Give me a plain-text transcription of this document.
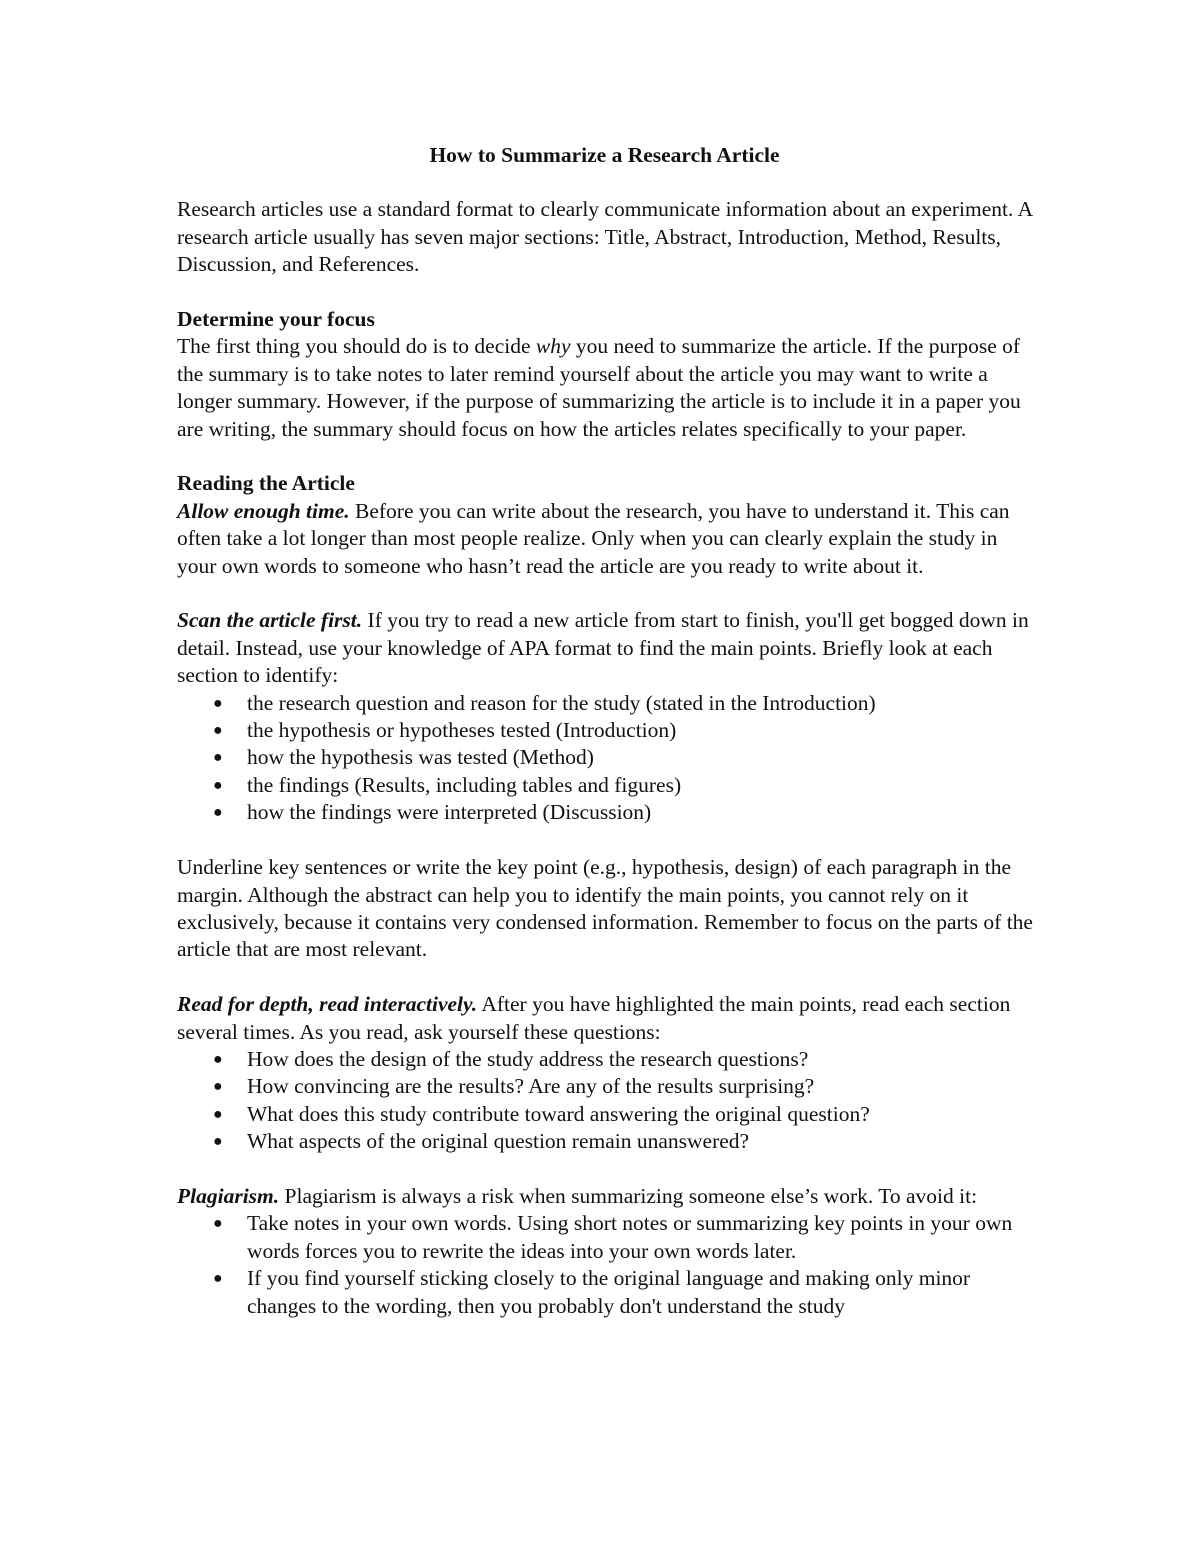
How to Summarize a Research Article

Research articles use a standard format to clearly communicate information about an experiment. A research article usually has seven major sections: Title, Abstract, Introduction, Method, Results, Discussion, and References.

Determine your focus
The first thing you should do is to decide why you need to summarize the article. If the purpose of the summary is to take notes to later remind yourself about the article you may want to write a longer summary. However, if the purpose of summarizing the article is to include it in a paper you are writing, the summary should focus on how the articles relates specifically to your paper.

Reading the Article
Allow enough time. Before you can write about the research, you have to understand it. This can often take a lot longer than most people realize. Only when you can clearly explain the study in your own words to someone who hasn’t read the article are you ready to write about it.

Scan the article first. If you try to read a new article from start to finish, you'll get bogged down in detail. Instead, use your knowledge of APA format to find the main points. Briefly look at each section to identify:

● the research question and reason for the study (stated in the Introduction)
● the hypothesis or hypotheses tested (Introduction)
● how the hypothesis was tested (Method)
● the findings (Results, including tables and figures)
● how the findings were interpreted (Discussion)

Underline key sentences or write the key point (e.g., hypothesis, design) of each paragraph in the margin. Although the abstract can help you to identify the main points, you cannot rely on it exclusively, because it contains very condensed information. Remember to focus on the parts of the article that are most relevant.

Read for depth, read interactively. After you have highlighted the main points, read each section several times. As you read, ask yourself these questions:

● How does the design of the study address the research questions?
● How convincing are the results? Are any of the results surprising?
● What does this study contribute toward answering the original question?
● What aspects of the original question remain unanswered?

Plagiarism. Plagiarism is always a risk when summarizing someone else’s work. To avoid it:

● Take notes in your own words. Using short notes or summarizing key points in your own words forces you to rewrite the ideas into your own words later.
● If you find yourself sticking closely to the original language and making only minor changes to the wording, then you probably don't understand the study
